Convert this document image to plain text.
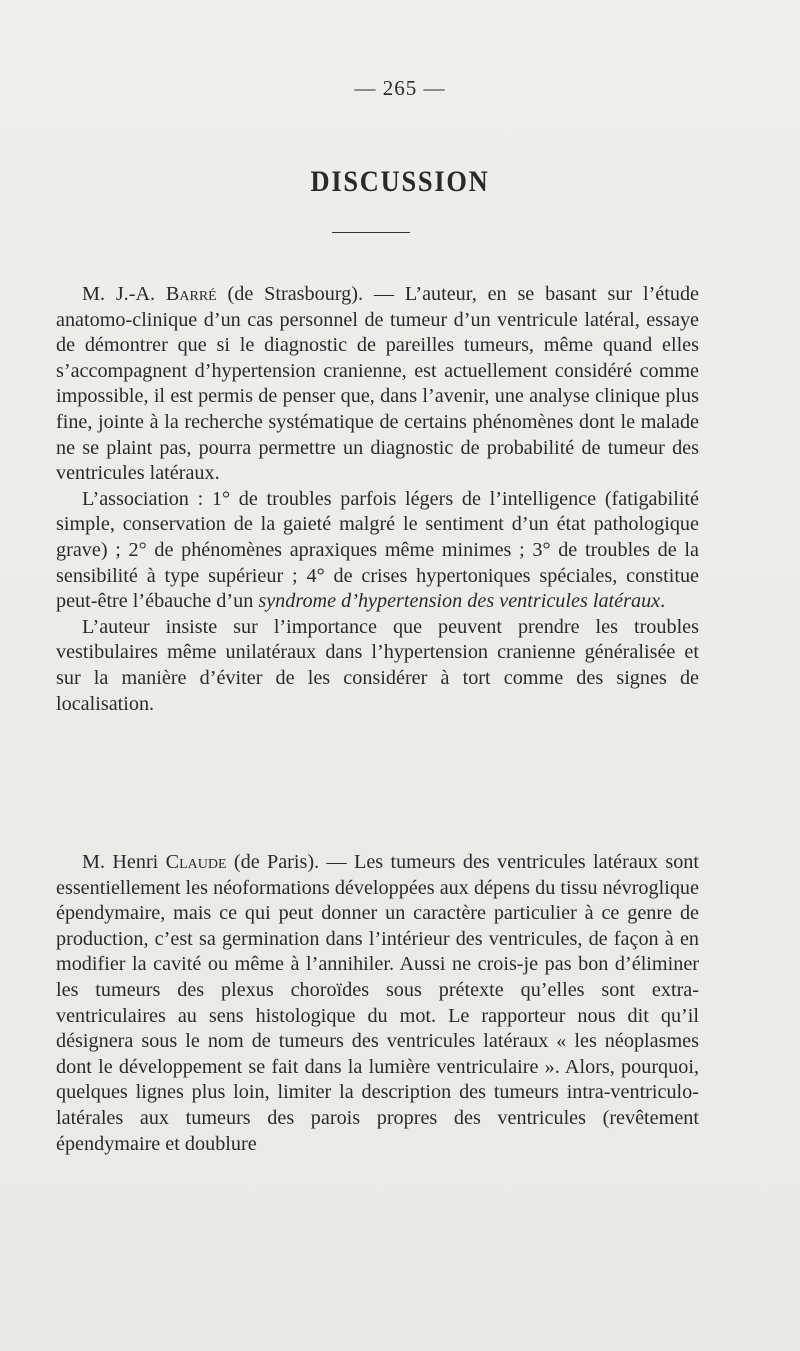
— 265 —
DISCUSSION

M. J.-A. Barré (de Strasbourg). — L’auteur, en se basant sur l’étude anatomo-clinique d’un cas personnel de tumeur d’un ventricule latéral, essaye de démontrer que si le diagnostic de pareilles tumeurs, même quand elles s’accompagnent d’hypertension cranienne, est actuellement considéré comme impossible, il est permis de penser que, dans l’avenir, une analyse clinique plus fine, jointe à la recherche systématique de certains phénomènes dont le malade ne se plaint pas, pourra permettre un diagnostic de probabilité de tumeur des ventricules latéraux.

L’association : 1° de troubles parfois légers de l’intelligence (fatigabilité simple, conservation de la gaieté malgré le sentiment d’un état pathologique grave) ; 2° de phénomènes apraxiques même minimes ; 3° de troubles de la sensibilité à type supérieur ; 4° de crises hypertoniques spéciales, constitue peut-être l’ébauche d’un syndrome d’hypertension des ventricules latéraux.

L’auteur insiste sur l’importance que peuvent prendre les troubles vestibulaires même unilatéraux dans l’hypertension cranienne généralisée et sur la manière d’éviter de les considérer à tort comme des signes de localisation.

M. Henri Claude (de Paris). — Les tumeurs des ventricules latéraux sont essentiellement les néoformations développées aux dépens du tissu névroglique épendymaire, mais ce qui peut donner un caractère particulier à ce genre de production, c’est sa germination dans l’intérieur des ventricules, de façon à en modifier la cavité ou même à l’annihiler. Aussi ne crois-je pas bon d’éliminer les tumeurs des plexus choroïdes sous prétexte qu’elles sont extra-ventriculaires au sens histologique du mot. Le rapporteur nous dit qu’il désignera sous le nom de tumeurs des ventricules latéraux « les néoplasmes dont le développement se fait dans la lumière ventriculaire ». Alors, pourquoi, quelques lignes plus loin, limiter la description des tumeurs intra-ventriculo-latérales aux tumeurs des parois propres des ventricules (revêtement épendymaire et doublure
